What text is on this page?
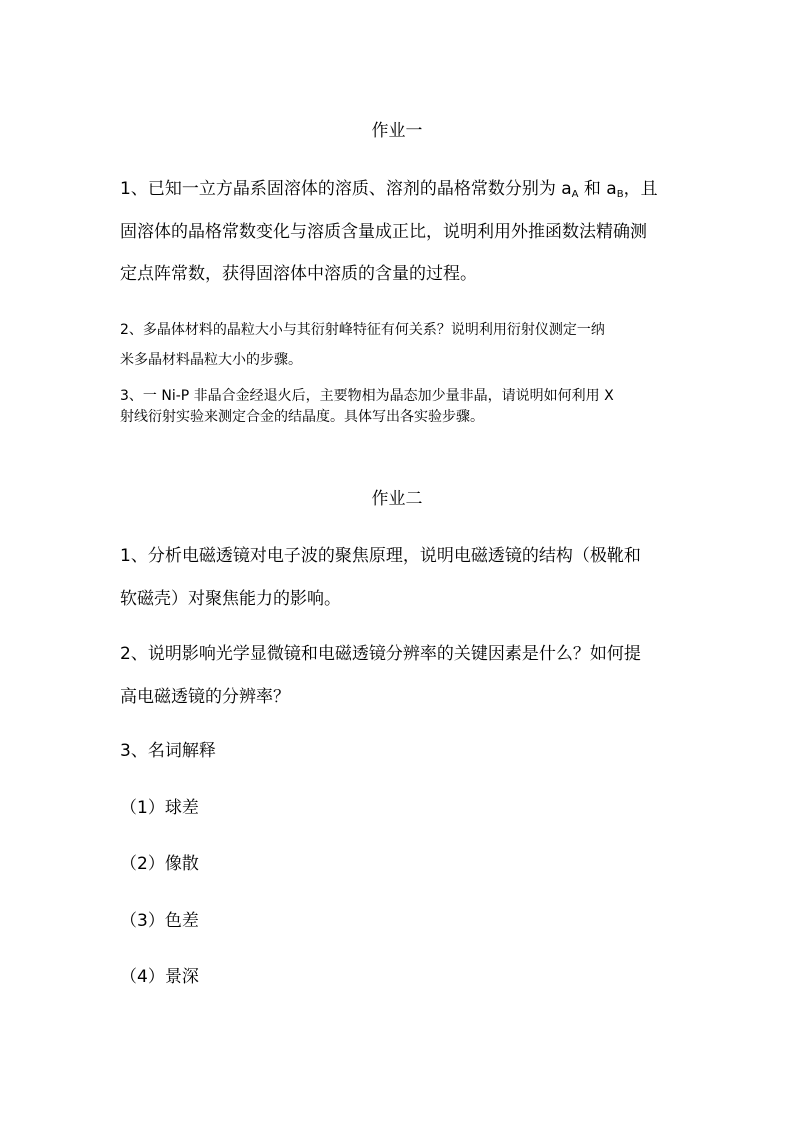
作业一
1、已知一立方晶系固溶体的溶质、溶剂的晶格常数分别为 $a_A$ 和 $a_B$，且
固溶体的晶格常数变化与溶质含量成正比，说明利用外推函数法精确测
定点阵常数，获得固溶体中溶质的含量的过程。
2、多晶体材料的晶粒大小与其衍射峰特征有何关系？说明利用衍射仪测定一纳
米多晶材料晶粒大小的步骤。
3、一 Ni-P 非晶合金经退火后，主要物相为晶态加少量非晶，请说明如何利用 X
射线衍射实验来测定合金的结晶度。具体写出各实验步骤。
作业二
1、分析电磁透镜对电子波的聚焦原理，说明电磁透镜的结构（极靴和
软磁壳）对聚焦能力的影响。
2、说明影响光学显微镜和电磁透镜分辨率的关键因素是什么？如何提
高电磁透镜的分辨率？
3、名词解释
（1）球差
（2）像散
（3）色差
（4）景深
